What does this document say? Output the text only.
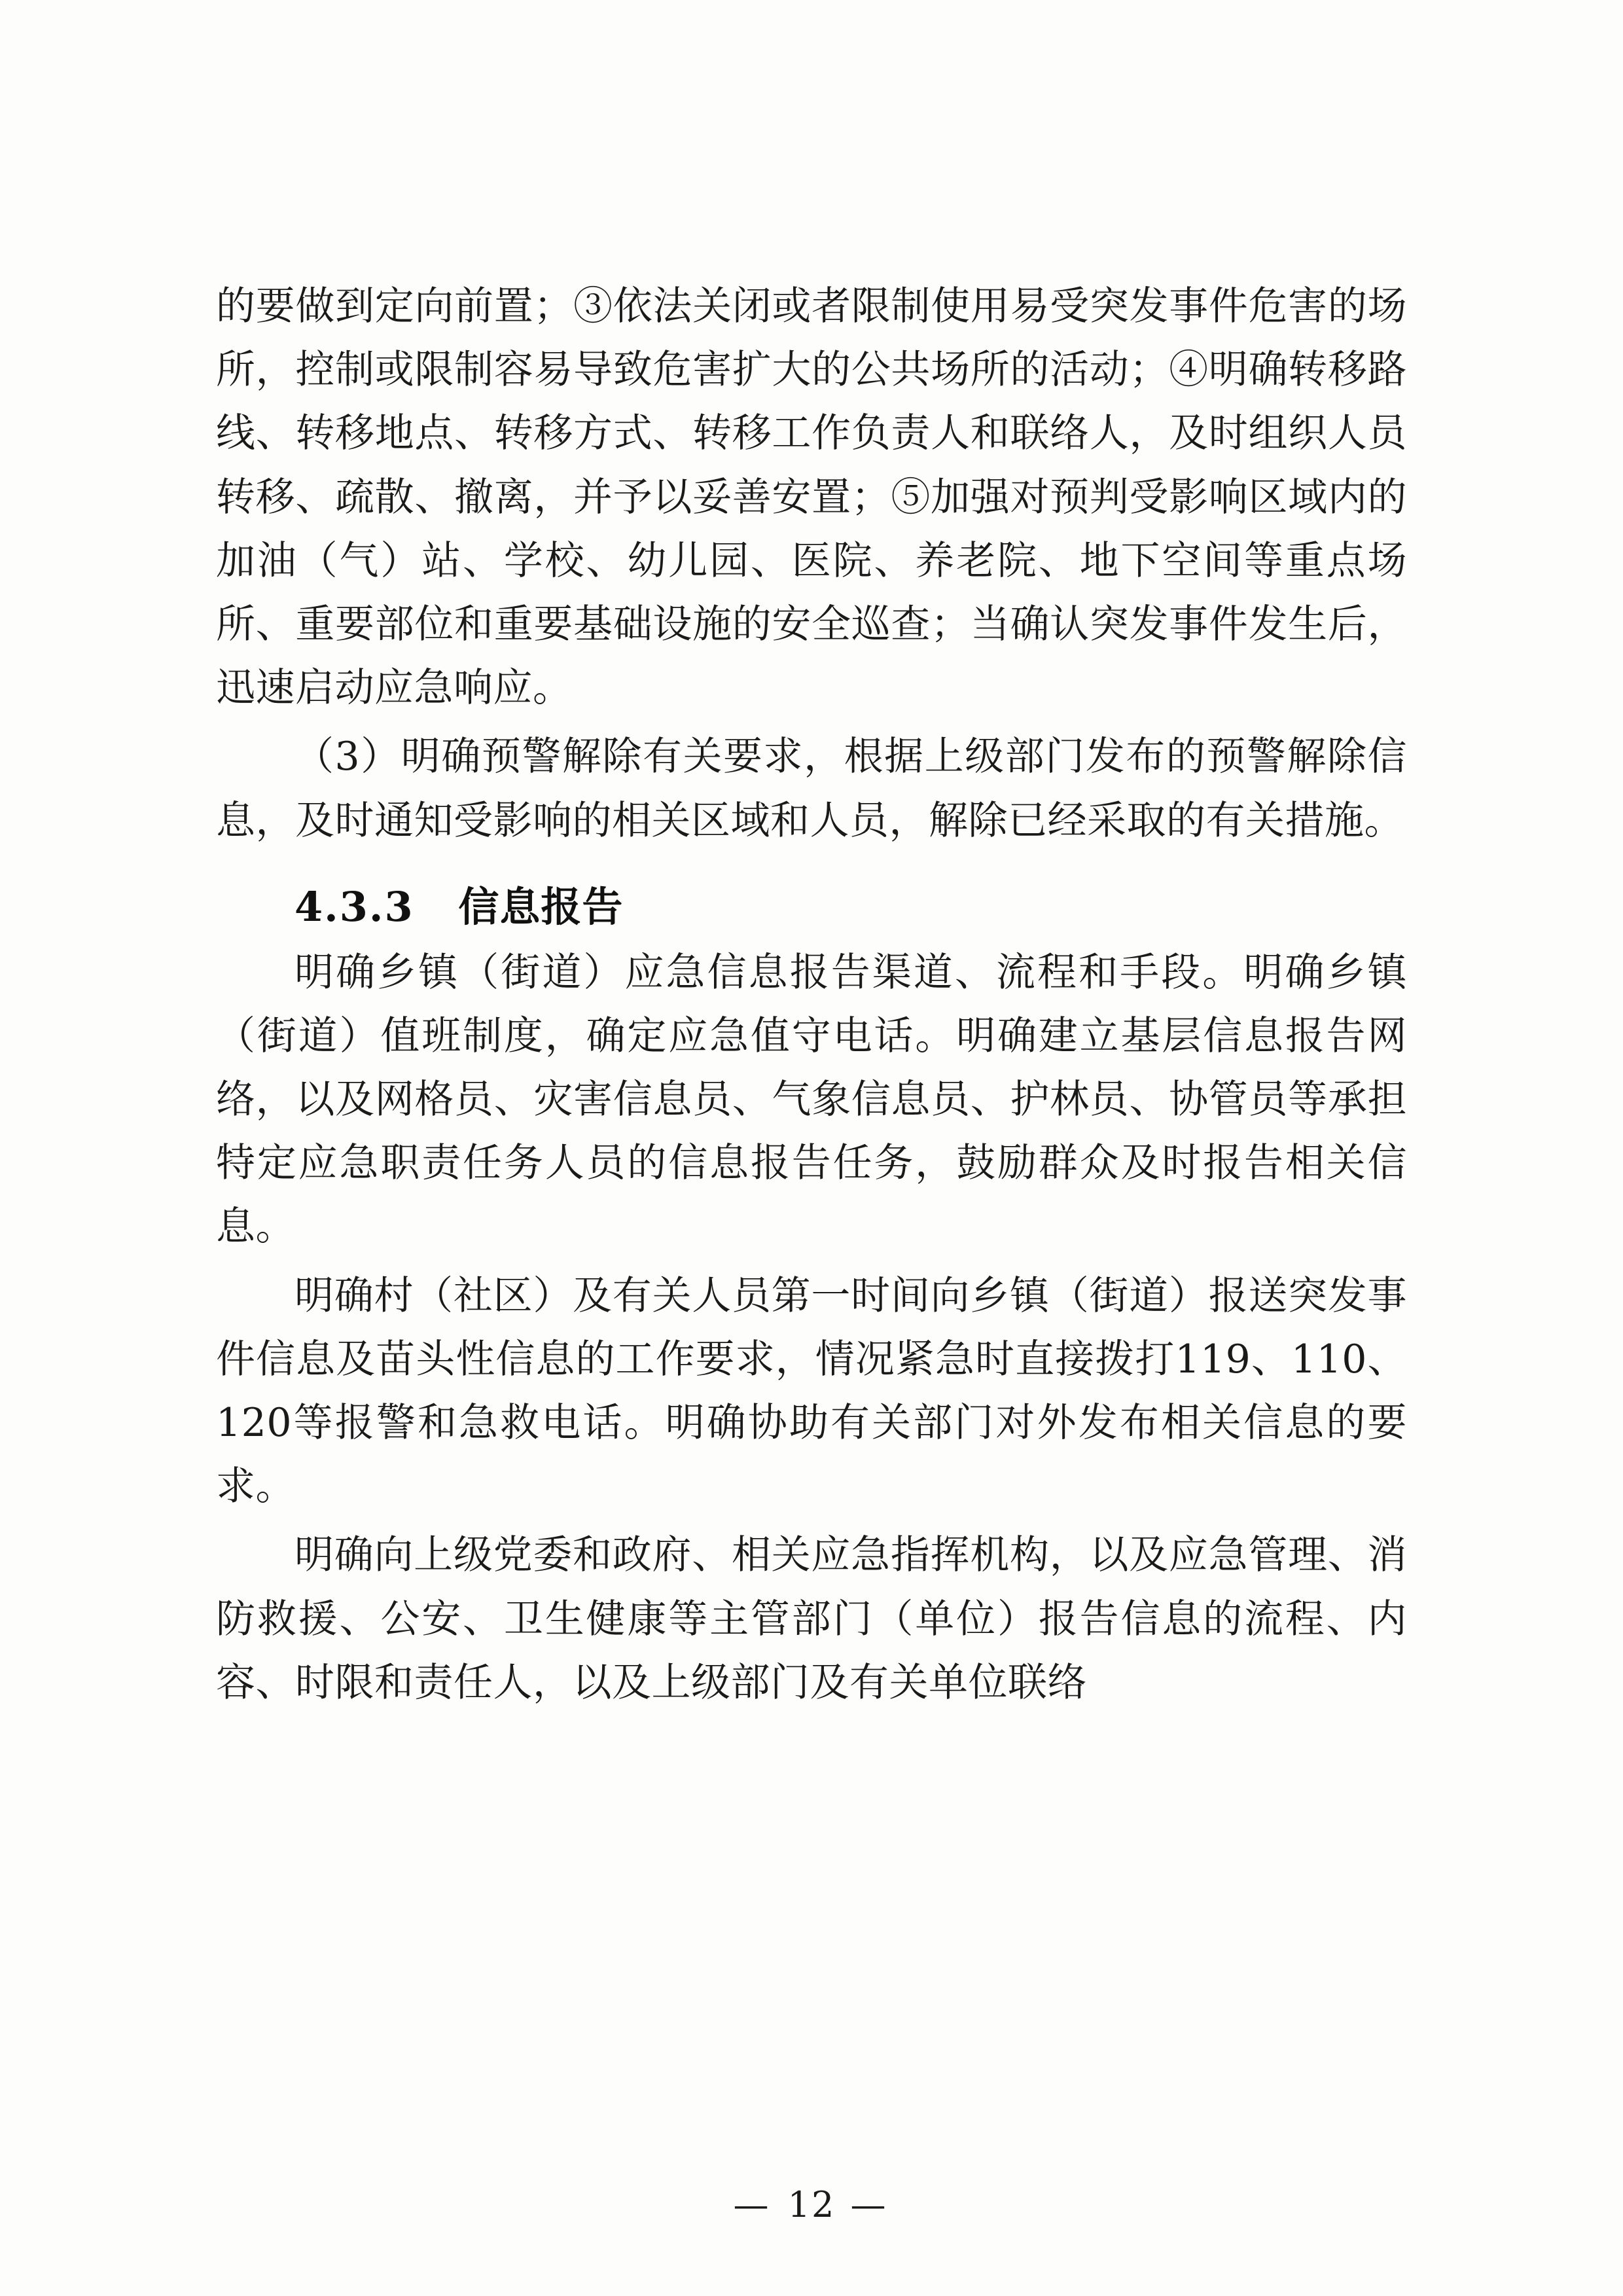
的要做到定向前置；③依法关闭或者限制使用易受突发事件危害的场所，控制或限制容易导致危害扩大的公共场所的活动；④明确转移路线、转移地点、转移方式、转移工作负责人和联络人，及时组织人员转移、疏散、撤离，并予以妥善安置；⑤加强对预判受影响区域内的加油（气）站、学校、幼儿园、医院、养老院、地下空间等重点场所、重要部位和重要基础设施的安全巡查；当确认突发事件发生后，迅速启动应急响应。

（3）明确预警解除有关要求，根据上级部门发布的预警解除信息，及时通知受影响的相关区域和人员，解除已经采取的有关措施。

4.3.3 信息报告

明确乡镇（街道）应急信息报告渠道、流程和手段。明确乡镇（街道）值班制度，确定应急值守电话。明确建立基层信息报告网络，以及网格员、灾害信息员、气象信息员、护林员、协管员等承担特定应急职责任务人员的信息报告任务，鼓励群众及时报告相关信息。

明确村（社区）及有关人员第一时间向乡镇（街道）报送突发事件信息及苗头性信息的工作要求，情况紧急时直接拨打119、110、120等报警和急救电话。明确协助有关部门对外发布相关信息的要求。

明确向上级党委和政府、相关应急指挥机构，以及应急管理、消防救援、公安、卫生健康等主管部门（单位）报告信息的流程、内容、时限和责任人，以及上级部门及有关单位联络

— 12 —
